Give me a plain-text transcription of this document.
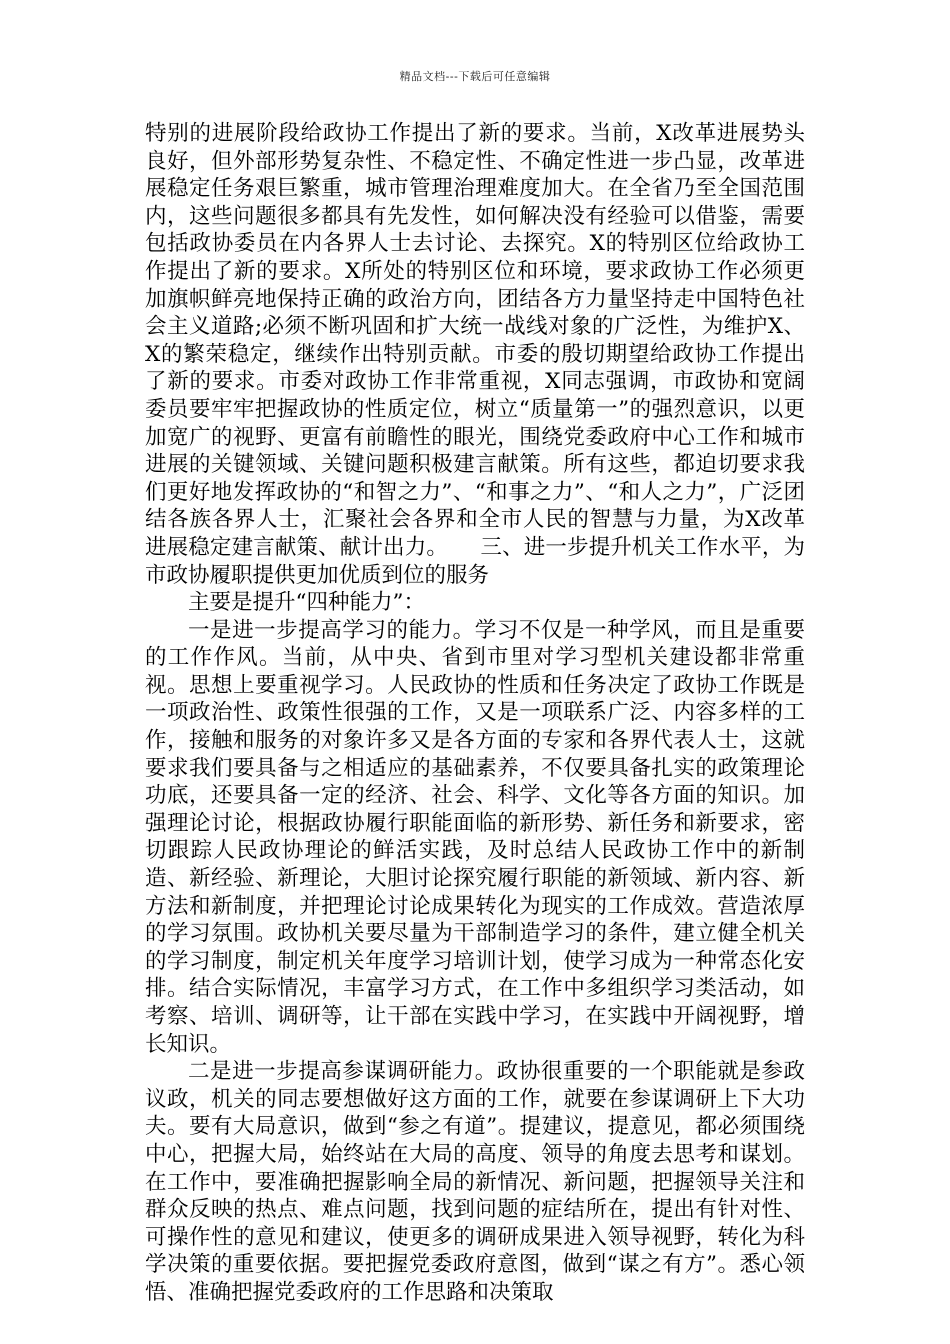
精品文档---下载后可任意编辑

特别的进展阶段给政协工作提出了新的要求。当前，X改革进展势头良好，但外部形势复杂性、不稳定性、不确定性进一步凸显，改革进展稳定任务艰巨繁重，城市管理治理难度加大。在全省乃至全国范围内，这些问题很多都具有先发性，如何解决没有经验可以借鉴，需要包括政协委员在内各界人士去讨论、去探究。X的特别区位给政协工作提出了新的要求。X所处的特别区位和环境，要求政协工作必须更加旗帜鲜亮地保持正确的政治方向，团结各方力量坚持走中国特色社会主义道路;必须不断巩固和扩大统一战线对象的广泛性，为维护X、X的繁荣稳定，继续作出特别贡献。市委的殷切期望给政协工作提出了新的要求。市委对政协工作非常重视，X同志强调，市政协和宽阔委员要牢牢把握政协的性质定位，树立“质量第一”的强烈意识，以更加宽广的视野、更富有前瞻性的眼光，围绕党委政府中心工作和城市进展的关键领域、关键问题积极建言献策。所有这些，都迫切要求我们更好地发挥政协的“和智之力”、“和事之力”、“和人之力”，广泛团结各族各界人士，汇聚社会各界和全市人民的智慧与力量，为X改革进展稳定建言献策、献计出力。　　三、进一步提升机关工作水平，为市政协履职提供更加优质到位的服务

主要是提升“四种能力”：

一是进一步提高学习的能力。学习不仅是一种学风，而且是重要的工作作风。当前，从中央、省到市里对学习型机关建设都非常重视。思想上要重视学习。人民政协的性质和任务决定了政协工作既是一项政治性、政策性很强的工作，又是一项联系广泛、内容多样的工作，接触和服务的对象许多又是各方面的专家和各界代表人士，这就要求我们要具备与之相适应的基础素养，不仅要具备扎实的政策理论功底，还要具备一定的经济、社会、科学、文化等各方面的知识。加强理论讨论，根据政协履行职能面临的新形势、新任务和新要求，密切跟踪人民政协理论的鲜活实践，及时总结人民政协工作中的新制造、新经验、新理论，大胆讨论探究履行职能的新领域、新内容、新方法和新制度，并把理论讨论成果转化为现实的工作成效。营造浓厚的学习氛围。政协机关要尽量为干部制造学习的条件，建立健全机关的学习制度，制定机关年度学习培训计划，使学习成为一种常态化安排。结合实际情况，丰富学习方式，在工作中多组织学习类活动，如考察、培训、调研等，让干部在实践中学习，在实践中开阔视野，增长知识。

二是进一步提高参谋调研能力。政协很重要的一个职能就是参政议政，机关的同志要想做好这方面的工作，就要在参谋调研上下大功夫。要有大局意识，做到“参之有道”。提建议，提意见，都必须围绕中心，把握大局，始终站在大局的高度、领导的角度去思考和谋划。在工作中，要准确把握影响全局的新情况、新问题，把握领导关注和群众反映的热点、难点问题，找到问题的症结所在，提出有针对性、可操作性的意见和建议，使更多的调研成果进入领导视野，转化为科学决策的重要依据。要把握党委政府意图，做到“谋之有方”。悉心领悟、准确把握党委政府的工作思路和决策取
